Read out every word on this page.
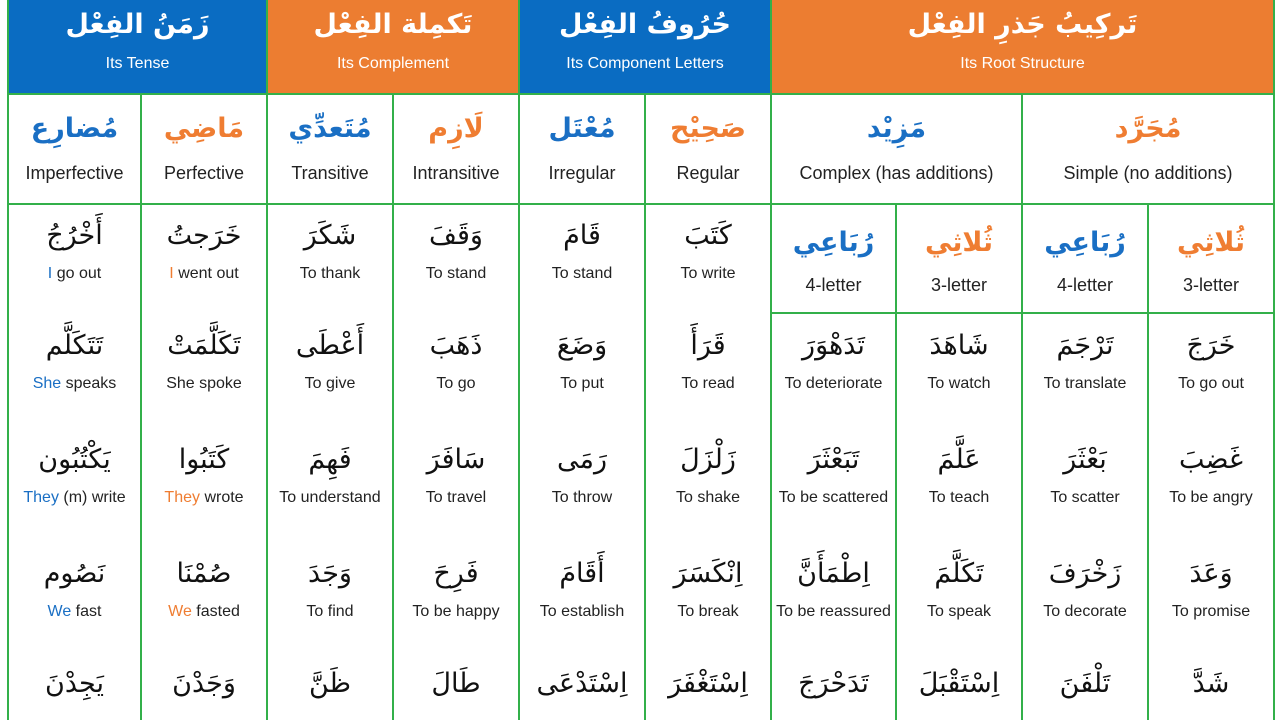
زَمَنُ الفِعْل
Its Tense
تَكمِلة الفِعْل
Its Complement
حُرُوفُ الفِعْل
Its Component Letters
تَركِيبُ جَذرِ الفِعْل
Its Root Structure
مُضارِع
Imperfective
مَاضِي
Perfective
مُتَعدِّي
Transitive
لَازِم
Intransitive
مُعْتَل
Irregular
صَحِيْح
Regular
مَزِيْد
Complex (has additions)
مُجَرَّد
Simple (no additions)
رُبَاعِي
4-letter
ثُلاثِي
3-letter
رُبَاعِي
4-letter
ثُلاثِي
3-letter
أَخْرُجُ
I go out
تَتَكَلَّم
She speaks
يَكْتُبُون
They (m) write
نَصُوم
We fast
يَجِدْنَ
خَرَجتُ
I went out
تَكَلَّمَتْ
She spoke
كَتَبُوا
They wrote
صُمْنَا
We fasted
وَجَدْنَ
شَكَرَ
To thank
أَعْطَى
To give
فَهِمَ
To understand
وَجَدَ
To find
ظَنَّ
وَقَفَ
To stand
ذَهَبَ
To go
سَافَرَ
To travel
فَرِحَ
To be happy
طَالَ
قَامَ
To stand
وَضَعَ
To put
رَمَى
To throw
أَقَامَ
To establish
اِسْتَدْعَى
كَتَبَ
To write
قَرَأَ
To read
زَلْزَلَ
To shake
اِنْكَسَرَ
To break
اِسْتَغْفَرَ
تَدَهْوَرَ
To deteriorate
تَبَعْثَرَ
To be scattered
اِطْمَأَنَّ
To be reassured
تَدَحْرَجَ
شَاهَدَ
To watch
عَلَّمَ
To teach
تَكَلَّمَ
To speak
اِسْتَقْبَلَ
تَرْجَمَ
To translate
بَعْثَرَ
To scatter
زَخْرَفَ
To decorate
تَلْفَنَ
خَرَجَ
To go out
غَضِبَ
To be angry
وَعَدَ
To promise
شَدَّ
